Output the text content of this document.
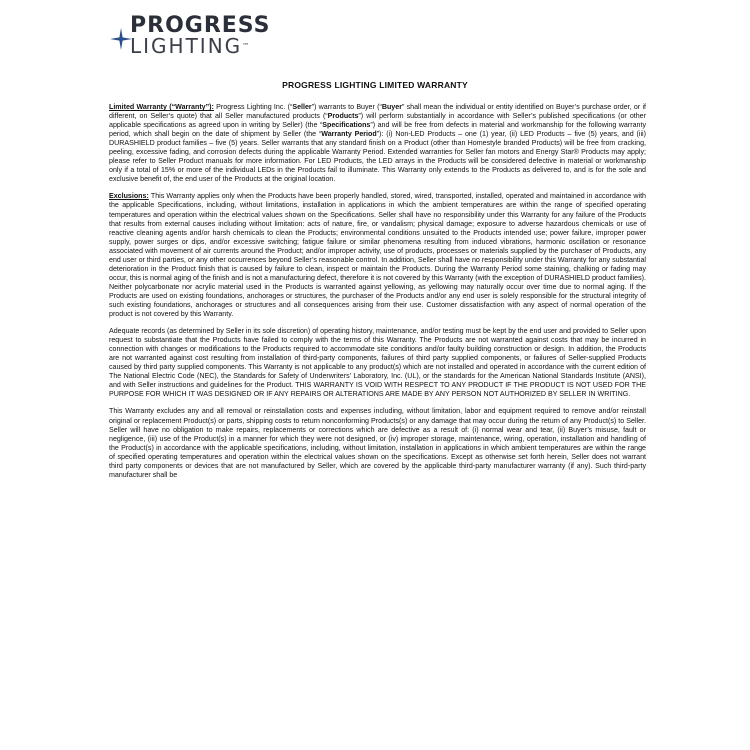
PROGRESS
LIGHTING™
PROGRESS LIGHTING LIMITED WARRANTY

Limited Warranty (“Warranty”): Progress Lighting Inc. (“Seller”) warrants to Buyer (“Buyer” shall mean the individual or entity identified on Buyer’s purchase order, or if different, on Seller’s quote) that all Seller manufactured products (“Products”) will perform substantially in accordance with Seller’s published specifications (or other applicable specifications as agreed upon in writing by Seller) (the “Specifications”) and will be free from defects in material and workmanship for the following warranty period, which shall begin on the date of shipment by Seller (the “Warranty Period”): (i) Non-LED Products – one (1) year, (ii) LED Products – five (5) years, and (iii) DURASHIELD product families – five (5) years. Seller warrants that any standard finish on a Product (other than Homestyle branded Products) will be free from cracking, peeling, excessive fading, and corrosion defects during the applicable Warranty Period. Extended warranties for Seller fan motors and Energy Star® Products may apply; please refer to Seller Product manuals for more information. For LED Products, the LED arrays in the Products will be considered defective in material or workmanship only if a total of 15% or more of the individual LEDs in the Products fail to illuminate. This Warranty only extends to the Products as delivered to, and is for the sole and exclusive benefit of, the end user of the Products at the original location.

Exclusions: This Warranty applies only when the Products have been properly handled, stored, wired, transported, installed, operated and maintained in accordance with the applicable Specifications, including, without limitations, installation in applications in which the ambient temperatures are within the range of specified operating temperatures and operation within the electrical values shown on the Specifications. Seller shall have no responsibility under this Warranty for any failure of the Products that results from external causes including without limitation: acts of nature, fire, or vandalism; physical damage; exposure to adverse hazardous chemicals or use of reactive cleaning agents and/or harsh chemicals to clean the Products; environmental conditions unsuited to the Products intended use; power failure, improper power supply, power surges or dips, and/or excessive switching; fatigue failure or similar phenomena resulting from induced vibrations, harmonic oscillation or resonance associated with movement of air currents around the Product; and/or improper activity, use of products, processes or materials supplied by the purchaser of Products, any end user or third parties, or any other occurrences beyond Seller’s reasonable control. In addition, Seller shall have no responsibility under this Warranty for any substantial deterioration in the Product finish that is caused by failure to clean, inspect or maintain the Products. During the Warranty Period some staining, chalking or fading may occur, this is normal aging of the finish and is not a manufacturing defect, therefore it is not covered by this Warranty (with the exception of DURASHIELD product families). Neither polycarbonate nor acrylic material used in the Products is warranted against yellowing, as yellowing may naturally occur over time due to normal aging. If the Products are used on existing foundations, anchorages or structures, the purchaser of the Products and/or any end user is solely responsible for the structural integrity of such existing foundations, anchorages or structures and all consequences arising from their use. Customer dissatisfaction with any aspect of normal operation of the product is not covered by this Warranty.

Adequate records (as determined by Seller in its sole discretion) of operating history, maintenance, and/or testing must be kept by the end user and provided to Seller upon request to substantiate that the Products have failed to comply with the terms of this Warranty. The Products are not warranted against costs that may be incurred in connection with changes or modifications to the Products required to accommodate site conditions and/or faulty building construction or design. In addition, the Products are not warranted against cost resulting from installation of third-party components, failures of third party supplied components, or failures of Seller-supplied Products caused by third party supplied components. This Warranty is not applicable to any product(s) which are not installed and operated in accordance with the current edition of The National Electric Code (NEC), the Standards for Safety of Underwriters’ Laboratory, Inc. (UL), or the standards for the American National Standards Institute (ANSI), and with Seller instructions and guidelines for the Product. THIS WARRANTY IS VOID WITH RESPECT TO ANY PRODUCT IF THE PRODUCT IS NOT USED FOR THE PURPOSE FOR WHICH IT WAS DESIGNED OR IF ANY REPAIRS OR ALTERATIONS ARE MADE BY ANY PERSON NOT AUTHORIZED BY SELLER IN WRITING.

This Warranty excludes any and all removal or reinstallation costs and expenses including, without limitation, labor and equipment required to remove and/or reinstall original or replacement Product(s) or parts, shipping costs to return nonconforming Products(s) or any damage that may occur during the return of any Product(s) to Seller. Seller will have no obligation to make repairs, replacements or corrections which are defective as a result of: (i) normal wear and tear, (ii) Buyer’s misuse, fault or negligence, (iii) use of the Product(s) in a manner for which they were not designed, or (iv) improper storage, maintenance, wiring, operation, installation and handling of the Product(s) in accordance with the applicable specifications, including, without limitation, installation in applications in which ambient temperatures are within the range of specified operating temperatures and operation within the electrical values shown on the specifications. Except as otherwise set forth herein, Seller does not warrant third party components or devices that are not manufactured by Seller, which are covered by the applicable third-party manufacturer warranty (if any). Such third-party manufacturer shall be
